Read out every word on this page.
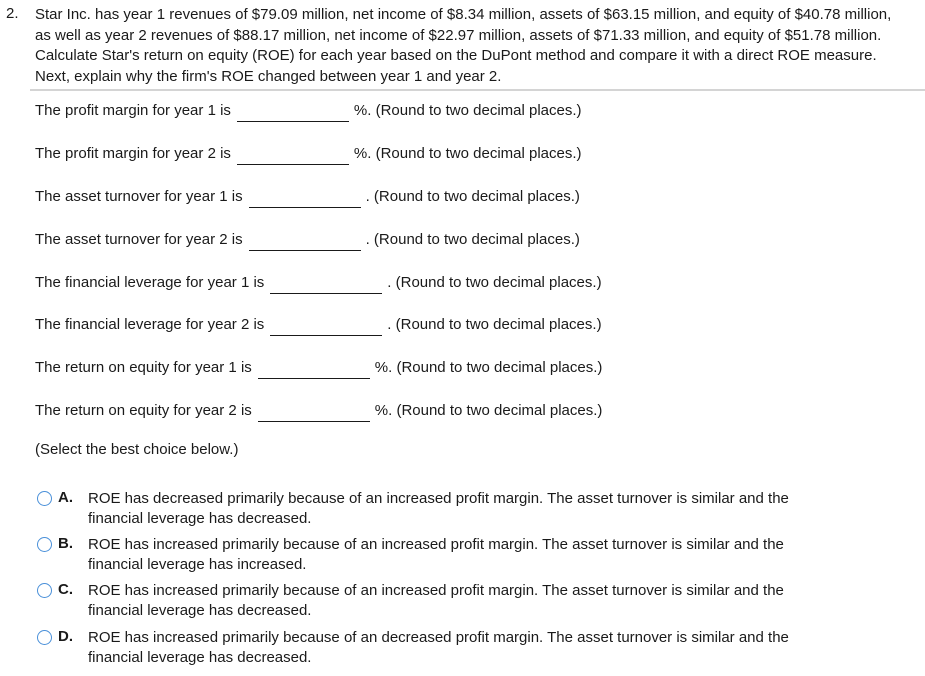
2. Star Inc. has year 1 revenues of $79.09 million, net income of $8.34 million, assets of $63.15 million, and equity of $40.78 million, as well as year 2 revenues of $88.17 million, net income of $22.97 million, assets of $71.33 million, and equity of $51.78 million. Calculate Star's return on equity (ROE) for each year based on the DuPont method and compare it with a direct ROE measure. Next, explain why the firm's ROE changed between year 1 and year 2.
The profit margin for year 1 is	%. (Round to two decimal places.)
The profit margin for year 2 is	%. (Round to two decimal places.)
The asset turnover for year 1 is	. (Round to two decimal places.)
The asset turnover for year 2 is	. (Round to two decimal places.)
The financial leverage for year 1 is	. (Round to two decimal places.)
The financial leverage for year 2 is	. (Round to two decimal places.)
The return on equity for year 1 is	%. (Round to two decimal places.)
The return on equity for year 2 is	%. (Round to two decimal places.)
(Select the best choice below.)
A. ROE has decreased primarily because of an increased profit margin. The asset turnover is similar and the financial leverage has decreased.
B. ROE has increased primarily because of an increased profit margin. The asset turnover is similar and the financial leverage has increased.
C. ROE has increased primarily because of an increased profit margin. The asset turnover is similar and the financial leverage has decreased.
D. ROE has increased primarily because of an decreased profit margin. The asset turnover is similar and the financial leverage has decreased.
